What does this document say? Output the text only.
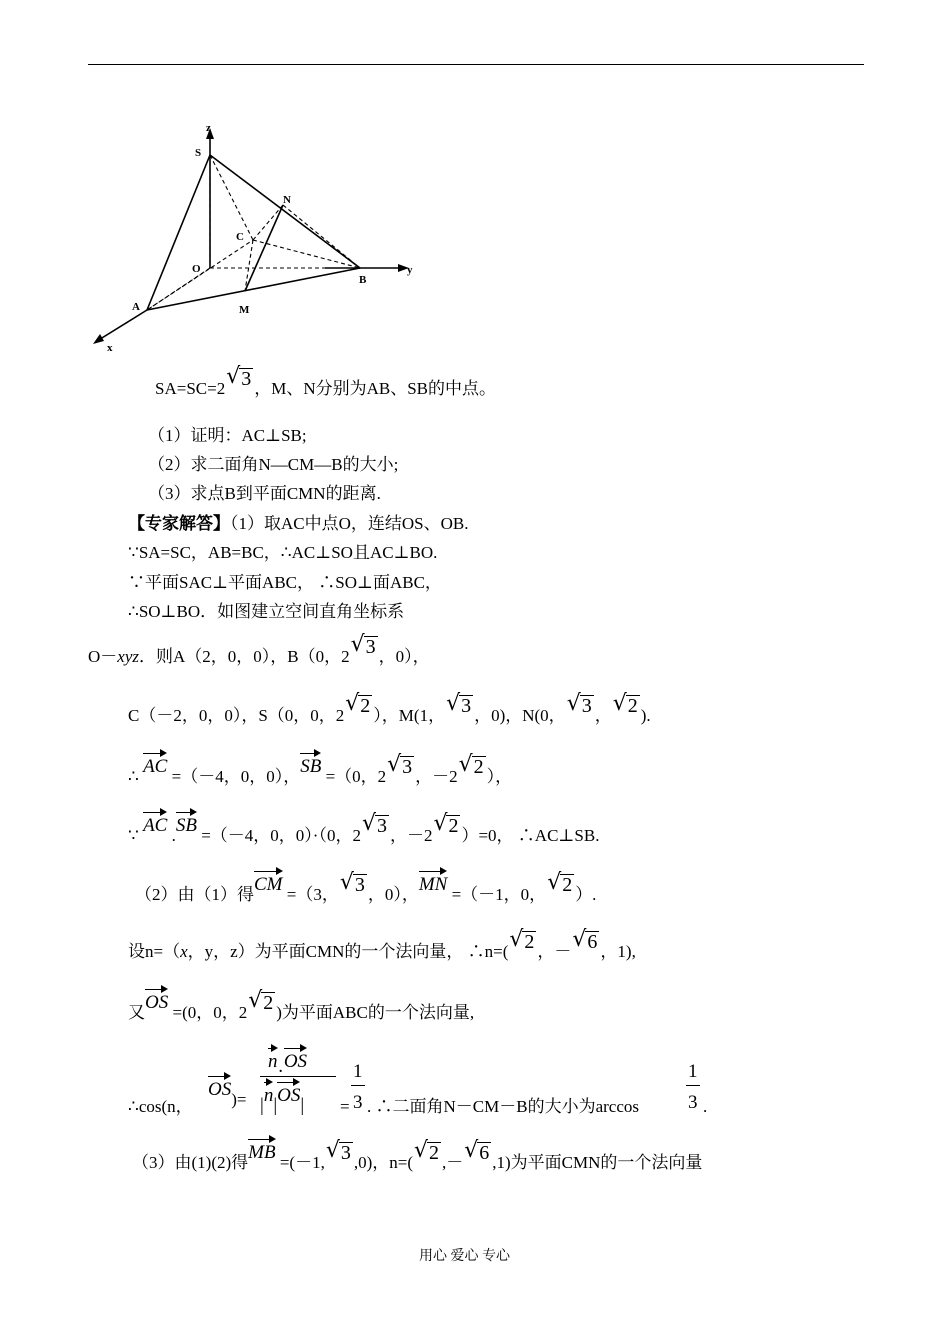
z
S
N
C
O	y
B
A	M
x
SA=SC=2 √ 3 ，M、N分别为AB、SB的中点。
（1）证明：AC⊥SB;
（2）求二面角N—CM—B的大小;
（3）求点B到平面CMN的距离.
【专家解答】（1）取AC中点O，连结OS、OB.
∵SA=SC，AB=BC，∴AC⊥SO且AC⊥BO.
∵平面SAC⊥平面ABC， ∴SO⊥面ABC，
∴SO⊥BO．如图建立空间直角坐标系
O－xyz．则A（2，0，0），B（0，2 √ 3 ，0），
C（－2，0，0），S（0，0，2 √ 2 ），M(1， √ 3 ，0)，N(0， √ 3 ， √ 2 ).
∴ AC =（－4，0，0），SB =（0，2 √ 3 ，－2 √ 2 ），
∵ AC .SB =（－4，0，0）·（0，2 √ 3 ，－2 √ 2 ）=0， ∴AC⊥SB.
（2）由（1）得CM =（3， √ 3 ，0），MN =（－1，0， √ 2 ）.
设n=（x，y，z）为平面CMN的一个法向量， ∴n=( √ 2 ，－ √ 6 ，1),
又OS =(0，0，2 √ 2 )为平面ABC的一个法向量,
∴cos(n，
OS)=
n·OS
|n|OS| =
1
3 . ∴二面角N－CM－B的大小为arccos
1
3 .
（3）由(1)(2)得MB =(－1, √ 3 ,0)，n=( √ 2 ,－ √ 6 ,1)为平面CMN的一个法向量
用心 爱心 专心
